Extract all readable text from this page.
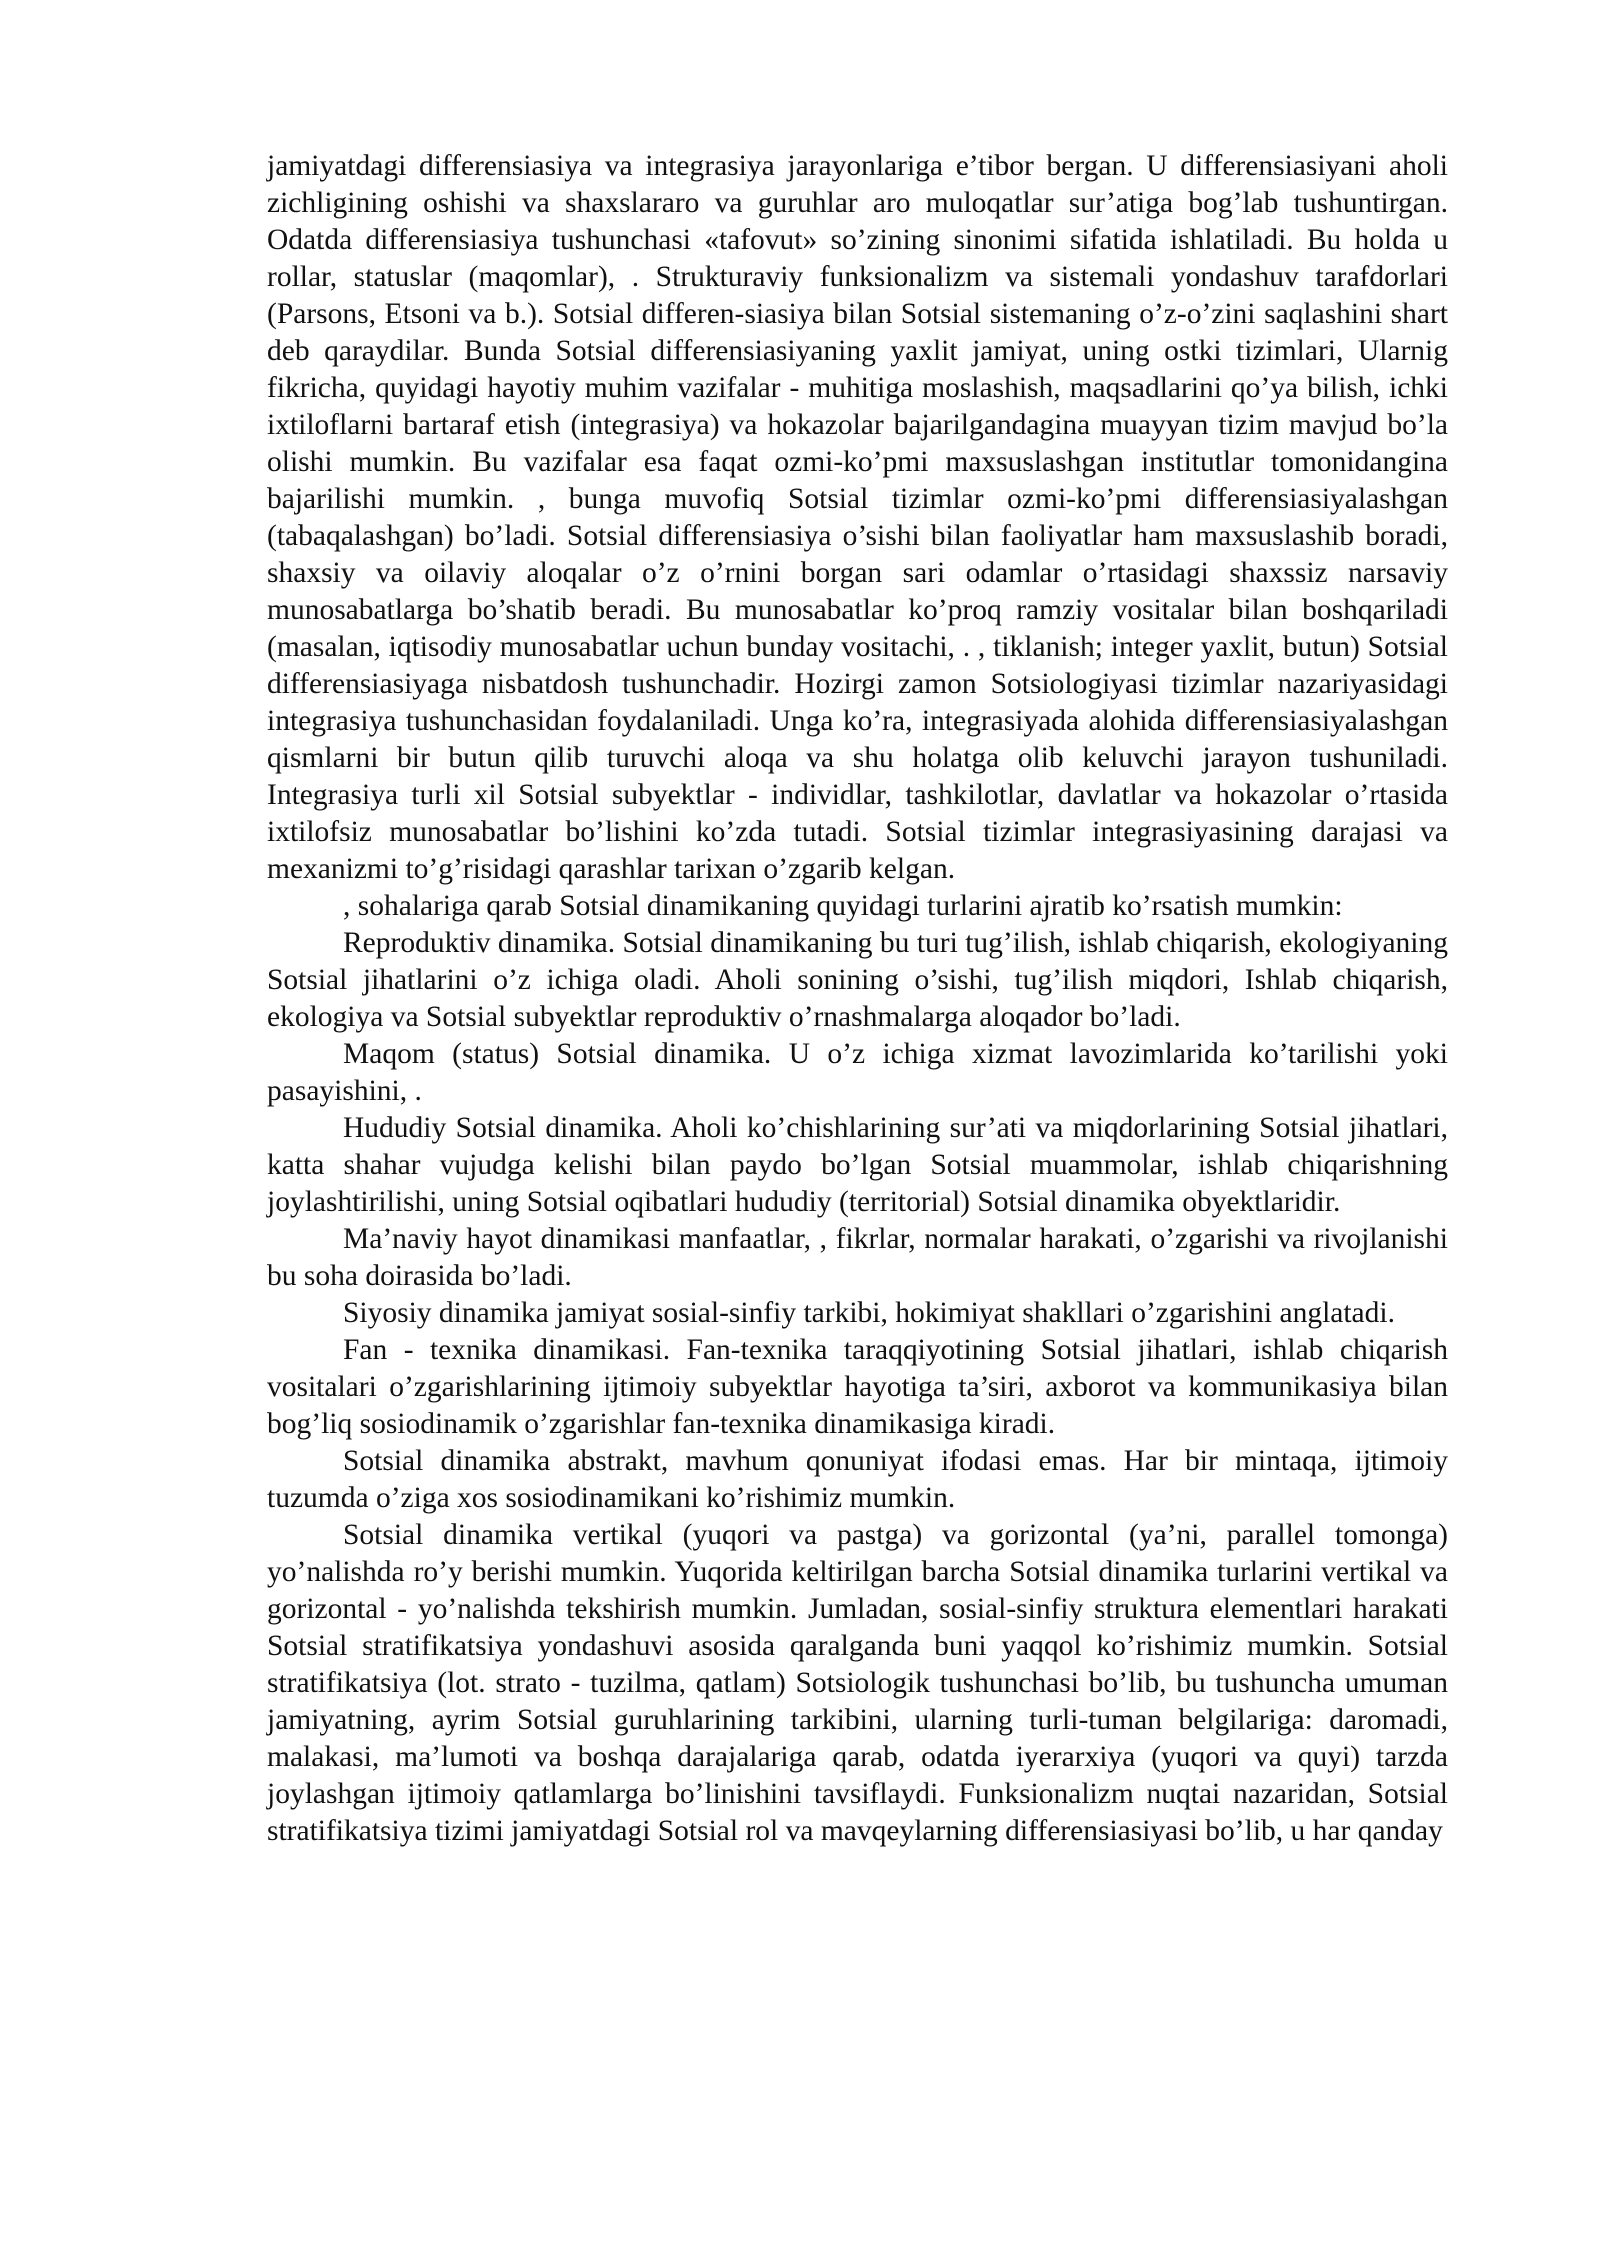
jamiyatdagi differensiasiya va integrasiya jarayonlariga e’tibor bergan. U differensiasiyani aholi zichligining oshishi va shaxslararo va guruhlar aro muloqatlar sur’atiga bog’lab tushuntirgan. Odatda differensiasiya tushunchasi «tafovut» so’zining sinonimi sifatida ishlatiladi. Bu holda u rollar, statuslar (maqomlar), . Strukturaviy funksionalizm va sistemali yondashuv tarafdorlari (Parsons, Etsoni va b.). Sotsial differen-siasiya bilan Sotsial sistemaning o’z-o’zini saqlashini shart deb qaraydilar. Bunda Sotsial differensiasiyaning yaxlit jamiyat, uning ostki tizimlari, Ularnig fikricha, quyidagi hayotiy muhim vazifalar - muhitiga moslashish, maqsadlarini qo’ya bilish, ichki ixtiloflarni bartaraf etish (integrasiya) va hokazolar bajarilgandagina muayyan tizim mavjud bo’la olishi mumkin. Bu vazifalar esa faqat ozmi-ko’pmi maxsuslashgan institutlar tomonidangina bajarilishi mumkin. , bunga muvofiq Sotsial tizimlar ozmi-ko’pmi differensiasiyalashgan (tabaqalashgan) bo’ladi. Sotsial differensiasiya o’sishi bilan faoliyatlar ham maxsuslashib boradi, shaxsiy va oilaviy aloqalar o’z o’rnini borgan sari odamlar o’rtasidagi shaxssiz narsaviy munosabatlarga bo’shatib beradi. Bu munosabatlar ko’proq ramziy vositalar bilan boshqariladi (masalan, iqtisodiy munosabatlar uchun bunday vositachi, . , tiklanish; integer yaxlit, butun) Sotsial differensiasiyaga nisbatdosh tushunchadir. Hozirgi zamon Sotsiologiyasi tizimlar nazariyasidagi integrasiya tushunchasidan foydalaniladi. Unga ko’ra, integrasiyada alohida differensiasiyalashgan qismlarni bir butun qilib turuvchi aloqa va shu holatga olib keluvchi jarayon tushuniladi. Integrasiya turli xil Sotsial subyektlar - individlar, tashkilotlar, davlatlar va hokazolar o’rtasida ixtilofsiz munosabatlar bo’lishini ko’zda tutadi. Sotsial tizimlar integrasiyasining darajasi va mexanizmi to’g’risidagi qarashlar tarixan o’zgarib kelgan.

, sohalariga qarab Sotsial dinamikaning quyidagi turlarini ajratib ko’rsatish mumkin:

Reproduktiv dinamika. Sotsial dinamikaning bu turi tug’ilish, ishlab chiqarish, ekologiyaning Sotsial jihatlarini o’z ichiga oladi. Aholi sonining o’sishi, tug’ilish miqdori, Ishlab chiqarish, ekologiya va Sotsial subyektlar reproduktiv o’rnashmalarga aloqador bo’ladi.

Maqom (status) Sotsial dinamika. U o’z ichiga xizmat lavozimlarida ko’tarilishi yoki pasayishini, .

Hududiy Sotsial dinamika. Aholi ko’chishlarining sur’ati va miqdorlarining Sotsial jihatlari, katta shahar vujudga kelishi bilan paydo bo’lgan Sotsial muammolar, ishlab chiqarishning joylashtirilishi, uning Sotsial oqibatlari hududiy (territorial) Sotsial dinamika obyektlaridir.

Ma’naviy hayot dinamikasi manfaatlar, , fikrlar, normalar harakati, o’zgarishi va rivojlanishi bu soha doirasida bo’ladi.

Siyosiy dinamika jamiyat sosial-sinfiy tarkibi, hokimiyat shakllari o’zgarishini anglatadi.

Fan - texnika dinamikasi. Fan-texnika taraqqiyotining Sotsial jihatlari, ishlab chiqarish vositalari o’zgarishlarining ijtimoiy subyektlar hayotiga ta’siri, axborot va kommunikasiya bilan bog’liq sosiodinamik o’zgarishlar fan-texnika dinamikasiga kiradi.

Sotsial dinamika abstrakt, mavhum qonuniyat ifodasi emas. Har bir mintaqa, ijtimoiy tuzumda o’ziga xos sosiodinamikani ko’rishimiz mumkin.

Sotsial dinamika vertikal (yuqori va pastga) va gorizontal (ya’ni, parallel tomonga) yo’nalishda ro’y berishi mumkin. Yuqorida keltirilgan barcha Sotsial dinamika turlarini vertikal va gorizontal - yo’nalishda tekshirish mumkin. Jumladan, sosial-sinfiy struktura elementlari harakati Sotsial stratifikatsiya yondashuvi asosida qaralganda buni yaqqol ko’rishimiz mumkin. Sotsial stratifikatsiya (lot. strato - tuzilma, qatlam) Sotsiologik tushunchasi bo’lib, bu tushuncha umuman jamiyatning, ayrim Sotsial guruhlarining tarkibini, ularning turli-tuman belgilariga: daromadi, malakasi, ma’lumoti va boshqa darajalariga qarab, odatda iyerarxiya (yuqori va quyi) tarzda joylashgan ijtimoiy qatlamlarga bo’linishini tavsiflaydi. Funksionalizm nuqtai nazaridan, Sotsial stratifikatsiya tizimi jamiyatdagi Sotsial rol va mavqeylarning differensiasiyasi bo’lib, u har qanday
